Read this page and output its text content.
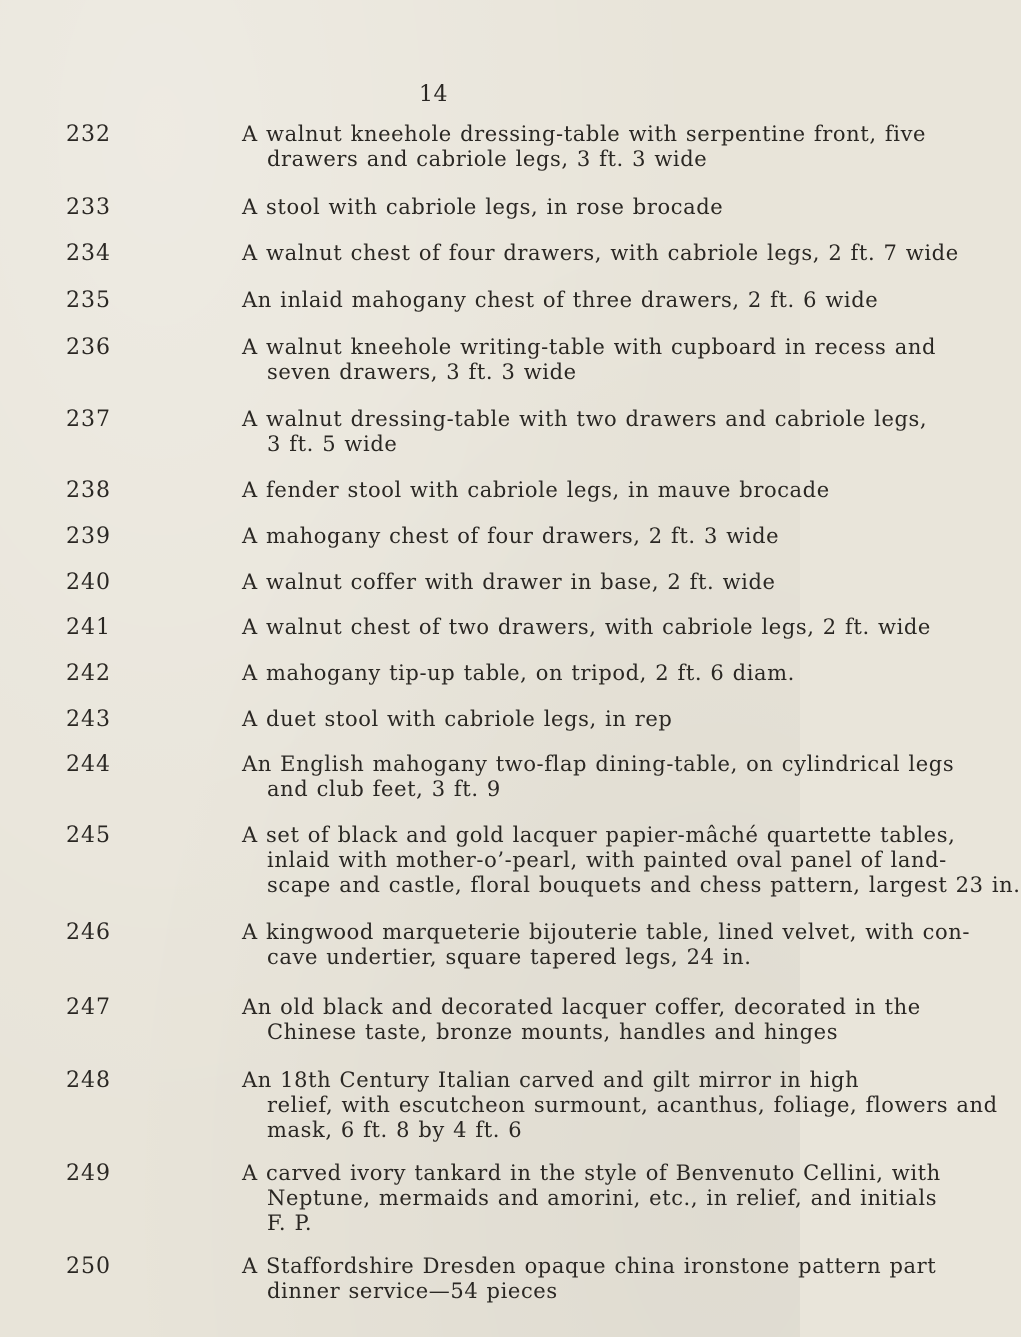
14
232	A walnut kneehole dressing-table with serpentine front, five
drawers and cabriole legs, 3 ft. 3 wide
233	A stool with cabriole legs, in rose brocade
234	A walnut chest of four drawers, with cabriole legs, 2 ft. 7 wide
235	An inlaid mahogany chest of three drawers, 2 ft. 6 wide
236	A walnut kneehole writing-table with cupboard in recess and
seven drawers, 3 ft. 3 wide
237	A walnut dressing-table with two drawers and cabriole legs,
3 ft. 5 wide
238	A fender stool with cabriole legs, in mauve brocade
239	A mahogany chest of four drawers, 2 ft. 3 wide
240	A walnut coffer with drawer in base, 2 ft. wide
241	A walnut chest of two drawers, with cabriole legs, 2 ft. wide
242	A mahogany tip-up table, on tripod, 2 ft. 6 diam.
243	A duet stool with cabriole legs, in rep
244	An English mahogany two-flap dining-table, on cylindrical legs
and club feet, 3 ft. 9
245	A set of black and gold lacquer papier-mâché quartette tables,
inlaid with mother-o’-pearl, with painted oval panel of land-
scape and castle, floral bouquets and chess pattern, largest 23 in.
246	A kingwood marqueterie bijouterie table, lined velvet, with con-
cave undertier, square tapered legs, 24 in.
247	An old black and decorated lacquer coffer, decorated in the
Chinese taste, bronze mounts, handles and hinges
248	An 18th Century Italian carved and gilt mirror in high
relief, with escutcheon surmount, acanthus, foliage, flowers and
mask, 6 ft. 8 by 4 ft. 6
249	A carved ivory tankard in the style of Benvenuto Cellini, with
Neptune, mermaids and amorini, etc., in relief, and initials
F. P.
250	A Staffordshire Dresden opaque china ironstone pattern part
dinner service—54 pieces
